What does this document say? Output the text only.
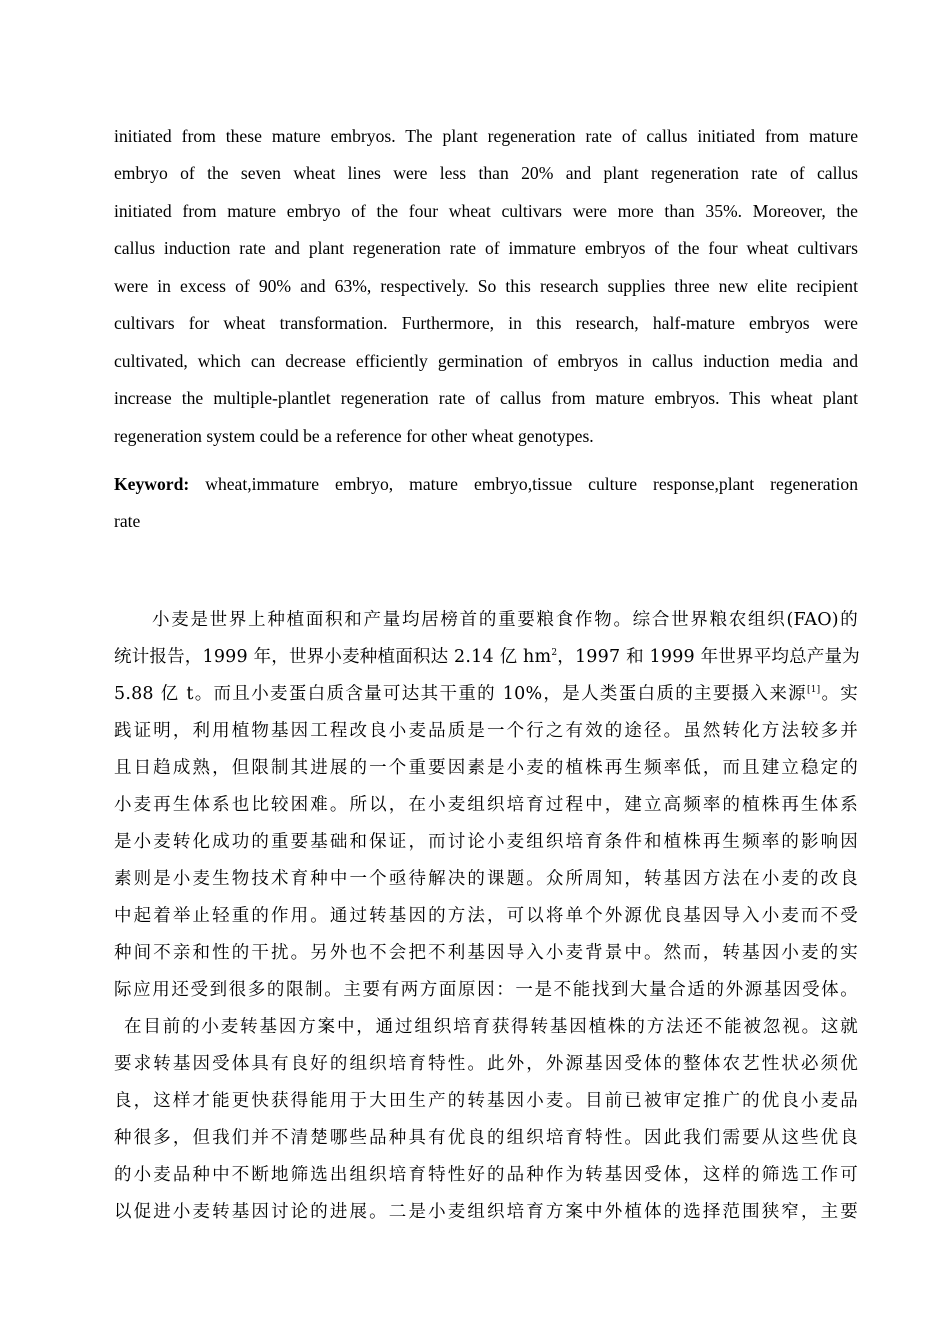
initiated from these mature embryos. The plant regeneration rate of callus initiated from mature
embryo of the seven wheat lines were less than 20% and plant regeneration rate of callus
initiated from mature embryo of the four wheat cultivars were more than 35%. Moreover, the
callus induction rate and plant regeneration rate of immature embryos of the four wheat cultivars
were in excess of 90% and 63%, respectively. So this research supplies three new elite recipient
cultivars for wheat transformation. Furthermore, in this research, half-mature embryos were
cultivated, which can decrease efficiently germination of embryos in callus induction media and
increase the multiple-plantlet regeneration rate of callus from mature embryos. This wheat plant
regeneration system could be a reference for other wheat genotypes.
Keyword: wheat,immature embryo, mature embryo,tissue culture response,plant regeneration
rate
小麦是世界上种植面积和产量均居榜首的重要粮食作物。综合世界粮农组织(FAO)的
统计报告，1999 年，世界小麦种植面积达 2.14 亿 $hm^2$，1997 和 1999 年世界平均总产量为
5.88 亿 t。而且小麦蛋白质含量可达其干重的 10%，是人类蛋白质的主要摄入来源[1]。实
践证明，利用植物基因工程改良小麦品质是一个行之有效的途径。虽然转化方法较多并
且日趋成熟，但限制其进展的一个重要因素是小麦的植株再生频率低，而且建立稳定的
小麦再生体系也比较困难。所以，在小麦组织培育过程中，建立高频率的植株再生体系
是小麦转化成功的重要基础和保证，而讨论小麦组织培育条件和植株再生频率的影响因
素则是小麦生物技术育种中一个亟待解决的课题。众所周知，转基因方法在小麦的改良
中起着举止轻重的作用。通过转基因的方法，可以将单个外源优良基因导入小麦而不受
种间不亲和性的干扰。另外也不会把不利基因导入小麦背景中。然而，转基因小麦的实
际应用还受到很多的限制。主要有两方面原因：一是不能找到大量合适的外源基因受体。
在目前的小麦转基因方案中，通过组织培育获得转基因植株的方法还不能被忽视。这就
要求转基因受体具有良好的组织培育特性。此外，外源基因受体的整体农艺性状必须优
良，这样才能更快获得能用于大田生产的转基因小麦。目前已被审定推广的优良小麦品
种很多，但我们并不清楚哪些品种具有优良的组织培育特性。因此我们需要从这些优良
的小麦品种中不断地筛选出组织培育特性好的品种作为转基因受体，这样的筛选工作可
以促进小麦转基因讨论的进展。二是小麦组织培育方案中外植体的选择范围狭窄，主要
